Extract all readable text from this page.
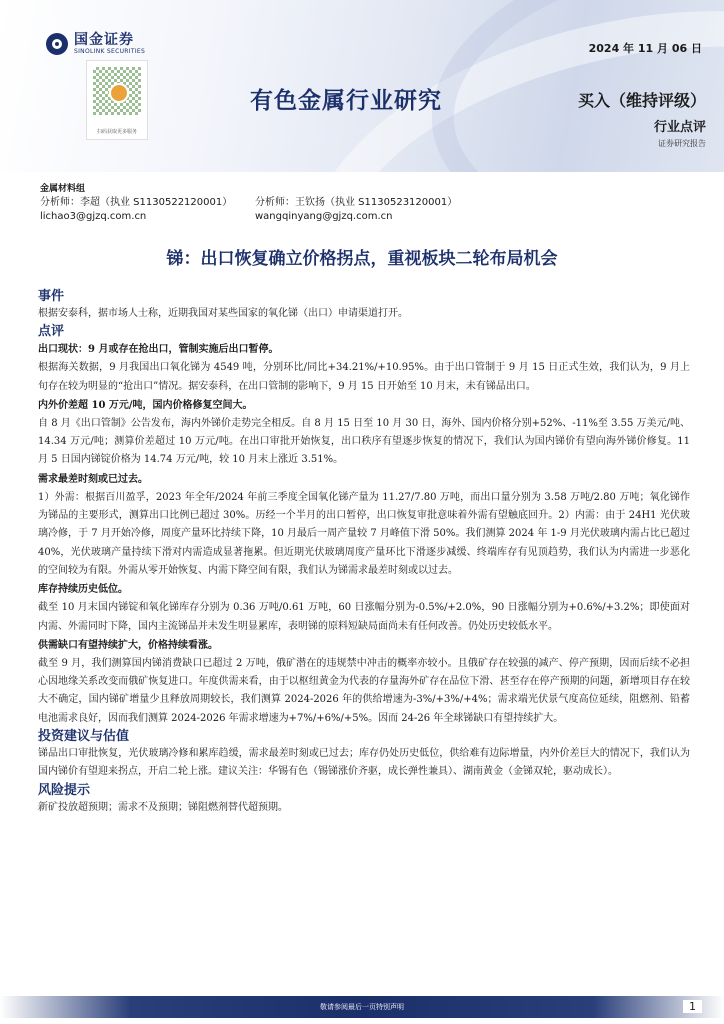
国金证券
SINOLINK SECURITIES	2024 年 11 月 06 日
扫码获取更多服务
有色金属行业研究	买入（维持评级）
行业点评
证券研究报告
金属材料组
分析师：李超（执业 S1130522120001）	分析师：王钦扬（执业 S1130523120001）
lichao3@gjzq.com.cn	wangqinyang@gjzq.com.cn
锑：出口恢复确立价格拐点，重视板块二轮布局机会
事件

根据安泰科，据市场人士称，近期我国对某些国家的氧化锑（出口）申请渠道打开。

点评

出口现状：9 月或存在抢出口，管制实施后出口暂停。

根据海关数据，9 月我国出口氧化锑为 4549 吨，分别环比/同比+34.21%/+10.95%。由于出口管制于 9 月 15 日正式生效，我们认为，9 月上旬存在较为明显的“抢出口”情况。据安泰科，在出口管制的影响下，9 月 15 日开始至 10 月末，未有锑品出口。

内外价差超 10 万元/吨，国内价格修复空间大。

自 8 月《出口管制》公告发布，海内外锑价走势完全相反。自 8 月 15 日至 10 月 30 日，海外、国内价格分别+52%、-11%至 3.55 万美元/吨、14.34 万元/吨；测算价差超过 10 万元/吨。在出口审批开始恢复，出口秩序有望逐步恢复的情况下，我们认为国内锑价有望向海外锑价修复。11 月 5 日国内锑锭价格为 14.74 万元/吨，较 10 月末上涨近 3.51%。

需求最差时刻或已过去。

1）外需：根据百川盈孚，2023 年全年/2024 年前三季度全国氧化锑产量为 11.27/7.80 万吨，而出口量分别为 3.58 万吨/2.80 万吨；氧化锑作为锑品的主要形式，测算出口比例已超过 30%。历经一个半月的出口暂停，出口恢复审批意味着外需有望触底回升。2）内需：由于 24H1 光伏玻璃冷修，于 7 月开始冷修，周度产量环比持续下降，10 月最后一周产量较 7 月峰值下滑 50%。我们测算 2024 年 1-9 月光伏玻璃内需占比已超过 40%，光伏玻璃产量持续下滑对内需造成显著拖累。但近期光伏玻璃周度产量环比下滑逐步减缓、终端库存有见顶趋势，我们认为内需进一步恶化的空间较为有限。外需从零开始恢复、内需下降空间有限，我们认为锑需求最差时刻或以过去。

库存持续历史低位。

截至 10 月末国内锑锭和氧化锑库存分别为 0.36 万吨/0.61 万吨，60 日涨幅分别为-0.5%/+2.0%，90 日涨幅分别为+0.6%/+3.2%；即使面对内需、外需同时下降，国内主流锑品并未发生明显累库，表明锑的原料短缺局面尚未有任何改善。仍处历史较低水平。

供需缺口有望持续扩大，价格持续看涨。

截至 9 月，我们测算国内锑消费缺口已超过 2 万吨，俄矿潜在的违规禁中冲击的概率亦较小。且俄矿存在较强的减产、停产预期，因而后续不必担心因地缘关系改变而俄矿恢复进口。年度供需来看，由于以枢纽黄金为代表的存量海外矿存在品位下滑、甚至存在停产预期的问题，新增项目存在较大不确定，国内锑矿增量少且释放周期较长，我们测算 2024-2026 年的供给增速为-3%/+3%/+4%；需求端光伏景气度高位延续，阻燃剂、铅蓄电池需求良好，因而我们测算 2024-2026 年需求增速为+7%/+6%/+5%。因而 24-26 年全球锑缺口有望持续扩大。

投资建议与估值

锑品出口审批恢复，光伏玻璃冷修和累库趋缓，需求最差时刻或已过去；库存仍处历史低位，供给难有边际增量，内外价差巨大的情况下，我们认为国内锑价有望迎来拐点，开启二轮上涨。建议关注：华锡有色（锡锑涨价齐驱，成长弹性兼具）、湖南黄金（金锑双轮，驱动成长）。

风险提示

新矿投放超预期；需求不及预期；锑阻燃剂替代超预期。

敬请参阅最后一页特别声明	1
